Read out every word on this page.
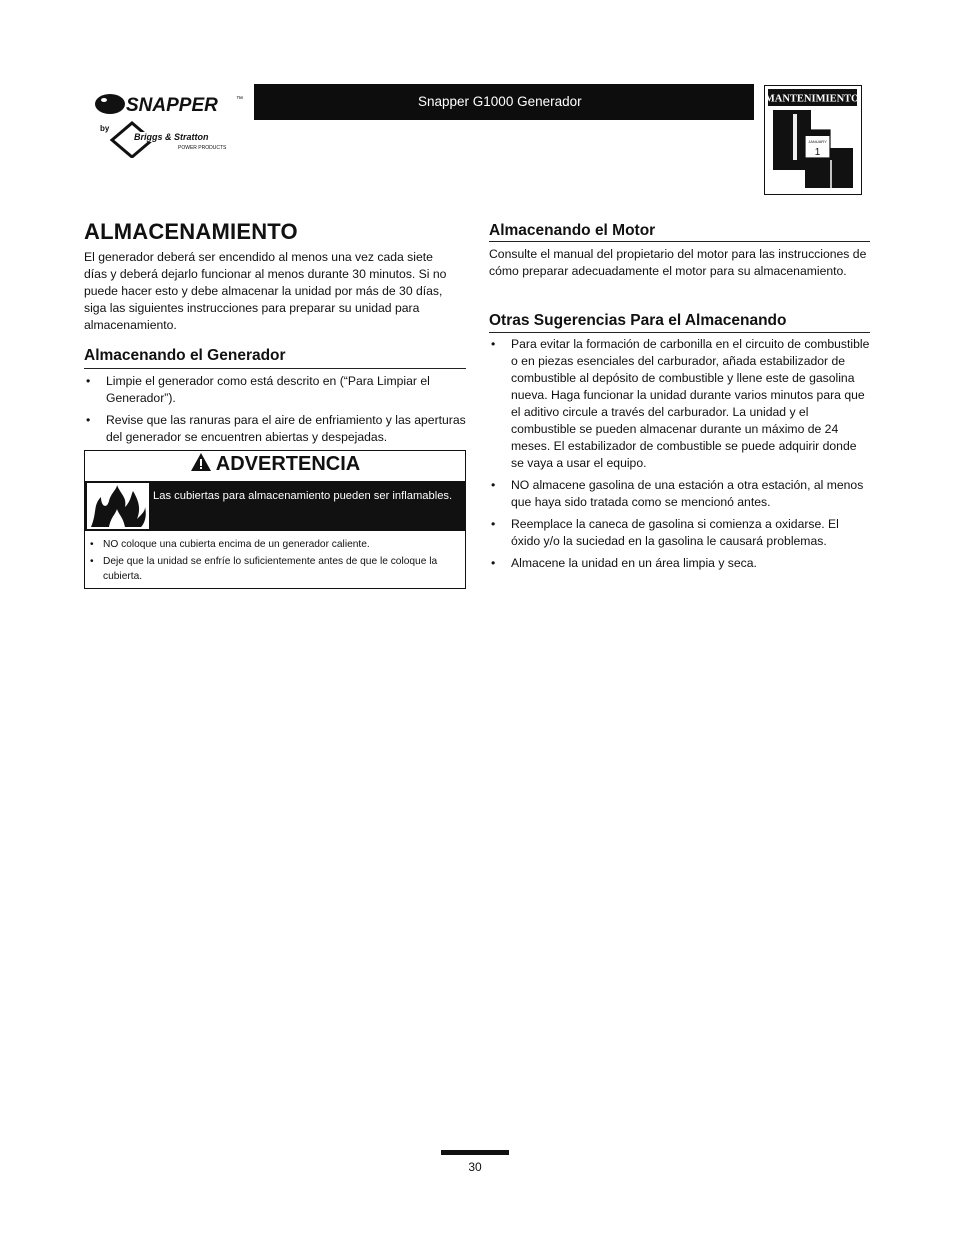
SNAPPER	™
by
Briggs & Stratton
POWER PRODUCTS
Snapper G1000 Generador	MANTENIMIENTO
JANUARY
1
ALMACENAMIENTO
El generador deberá ser encendido al menos una vez cada siete días y deberá dejarlo funcionar al menos durante 30 minutos. Si no puede hacer esto y debe almacenar la unidad por más de 30 días, siga las siguientes instrucciones para preparar su unidad para almacenamiento.
Almacenando el Generador
• Limpie el generador como está descrito en (“Para Limpiar el Generador”).
• Revise que las ranuras para el aire de enfriamiento y las aperturas del generador se encuentren abiertas y despejadas.
ADVERTENCIA
Las cubiertas para almacenamiento pueden ser inflamables.
• NO coloque una cubierta encima de un generador caliente.
• Deje que la unidad se enfríe lo suficientemente antes de que le coloque la cubierta.
Almacenando el Motor
Consulte el manual del propietario del motor para las instrucciones de cómo preparar adecuadamente el motor para su almacenamiento.
Otras Sugerencias Para el Almacenando
• Para evitar la formación de carbonilla en el circuito de combustible o en piezas esenciales del carburador, añada estabilizador de combustible al depósito de combustible y llene este de gasolina nueva. Haga funcionar la unidad durante varios minutos para que el aditivo circule a través del carburador. La unidad y el combustible se pueden almacenar durante un máximo de 24 meses. El estabilizador de combustible se puede adquirir donde se vaya a usar el equipo.
• NO almacene gasolina de una estación a otra estación, al menos que haya sido tratada como se mencionó antes.
• Reemplace la caneca de gasolina si comienza a oxidarse. El óxido y/o la suciedad en la gasolina le causará problemas.
• Almacene la unidad en un área limpia y seca.
30
